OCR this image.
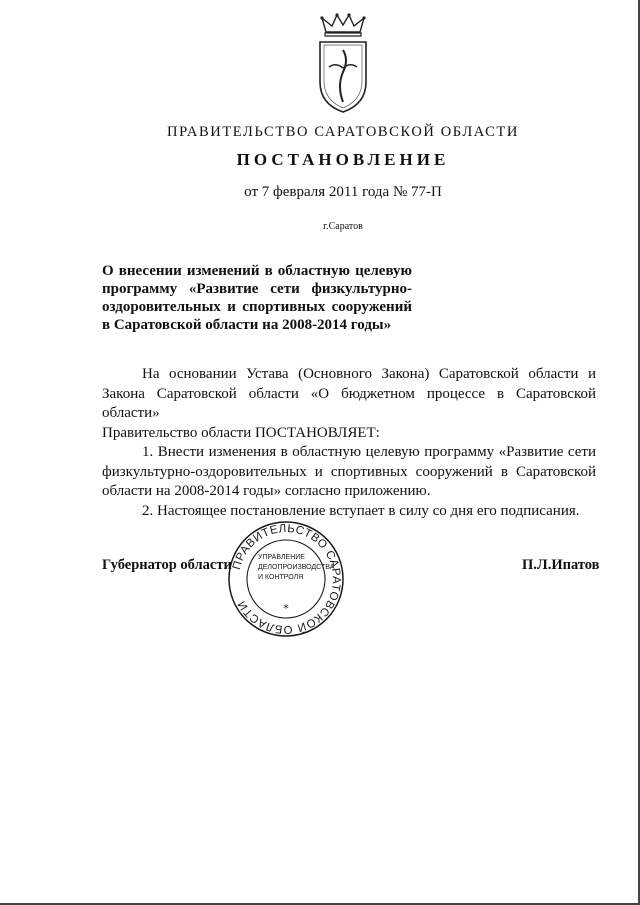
ПРАВИТЕЛЬСТВО САРАТОВСКОЙ ОБЛАСТИ
ПОСТАНОВЛЕНИЕ
от 7 февраля 2011 года № 77-П
г.Саратов
О внесении изменений в областную целевую
программу «Развитие сети физкультурно-
оздоровительных и спортивных сооружений
в Саратовской области на 2008-2014 годы»

На основании Устава (Основного Закона) Саратовской области и Закона Саратовской области «О бюджетном процессе в Саратовской области»

Правительство области ПОСТАНОВЛЯЕТ:

1. Внести изменения в областную целевую программу «Развитие сети физкультурно-оздоровительных и спортивных сооружений в Саратовской области на 2008-2014 годы» согласно приложению.

2. Настоящее постановление вступает в силу со дня его подписания.

ПРАВИТЕЛЬСТВО САРАТОВСКОЙ ОБЛАСТИ	*
УПРАВЛЕНИЕ
ДЕЛОПРОИЗВОДСТВА
И КОНТРОЛЯ
Губернатор области	П.Л.Ипатов
